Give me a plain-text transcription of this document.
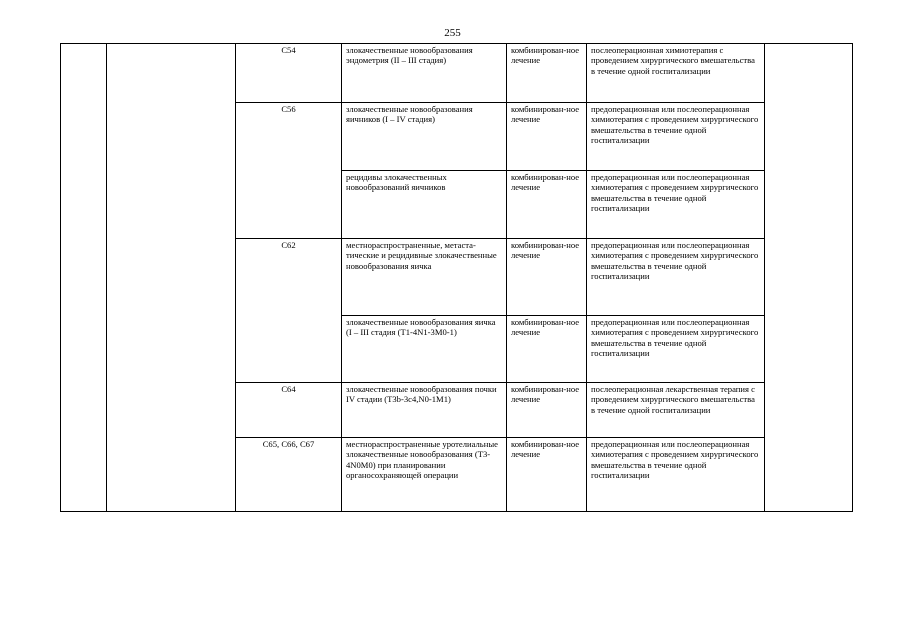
255
		C54	злокачественные новообразования эндометрия (II – III стадия)	комбинирован-ное лечение	послеоперационная химиотерапия с проведением хирургического вмешательства в течение одной госпитализации	
		C56	злокачественные новообразования яичников (I – IV стадия)	комбинирован-ное лечение	предоперационная или послеоперационная химиотерапия с проведением хирургического вмешательства в течение одной госпитализации	
			рецидивы злокачественных новообразований яичников	комбинирован-ное лечение	предоперационная или послеоперационная химиотерапия с проведением хирургического вмешательства в течение одной госпитализации	
		C62	местнораспространенные, метаста-тические и рецидивные злокачественные новообразования яичка	комбинирован-ное лечение	предоперационная или послеоперационная химиотерапия с проведением хирургического вмешательства в течение одной госпитализации	
			злокачественные новообразования яичка (I – III стадия (T1-4N1-3M0-1)	комбинирован-ное лечение	предоперационная или послеоперационная химиотерапия с проведением хирургического вмешательства в течение одной госпитализации	
		C64	злокачественные новообразования почки IV стадии (T3b-3c4,N0-1M1)	комбинирован-ное лечение	послеоперационная лекарственная терапия с проведением хирургического вмешательства в течение одной госпитализации	
		C65, C66, C67	местнораспространенные уротелиальные злокачественные новообразования (T3-4N0M0) при планировании органосохраняющей операции	комбинирован-ное лечение	предоперационная или послеоперационная химиотерапия с проведением хирургического вмешательства в течение одной госпитализации	
